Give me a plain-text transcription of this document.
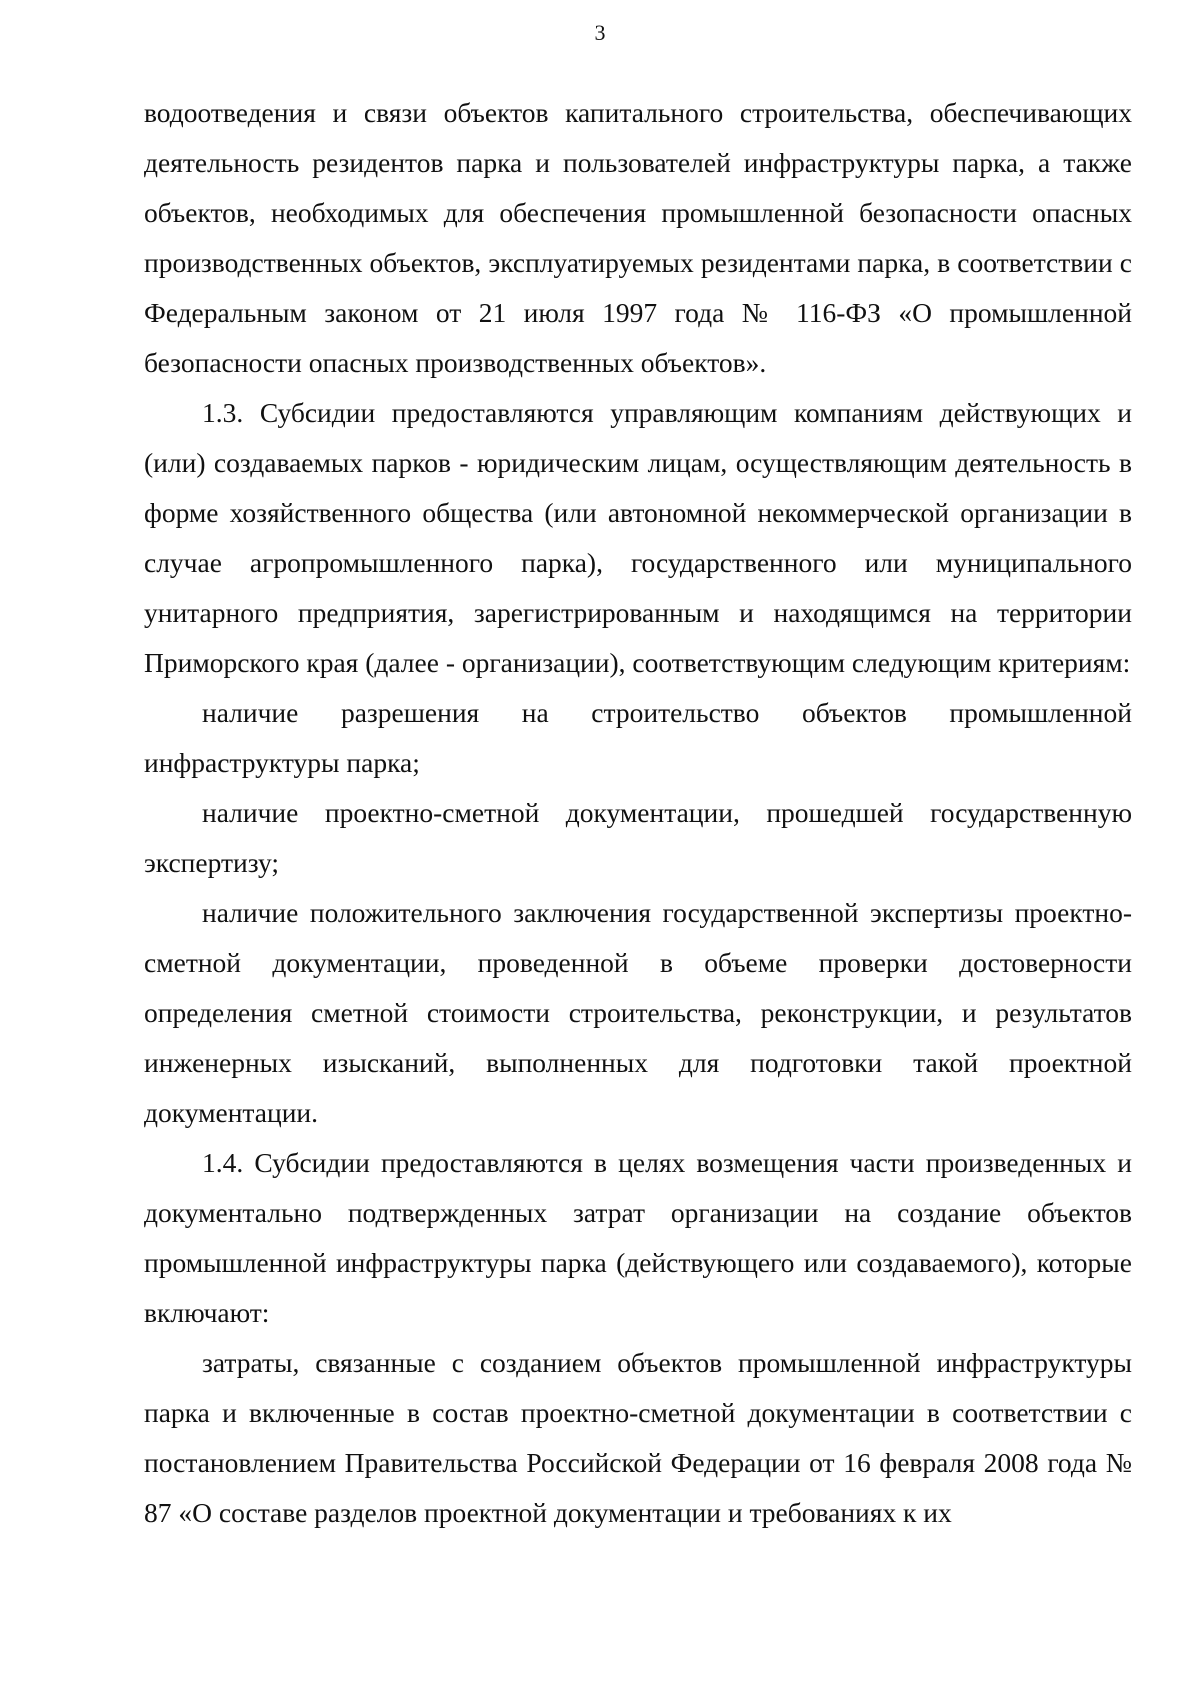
3

водоотведения и связи объектов капитального строительства, обеспечивающих деятельность резидентов парка и пользователей инфраструктуры парка, а также объектов, необходимых для обеспечения промышленной безопасности опасных производственных объектов, эксплуатируемых резидентами парка, в соответствии с Федеральным законом от 21 июля 1997 года № 116-ФЗ «О промышленной безопасности опасных производственных объектов».

1.3. Субсидии предоставляются управляющим компаниям действующих и (или) создаваемых парков - юридическим лицам, осуществляющим деятельность в форме хозяйственного общества (или автономной некоммерческой организации в случае агропромышленного парка), государственного или муниципального унитарного предприятия, зарегистрированным и находящимся на территории Приморского края (далее - организации), соответствующим следующим критериям:

наличие разрешения на строительство объектов промышленной инфраструктуры парка;

наличие проектно-сметной документации, прошедшей государственную экспертизу;

наличие положительного заключения государственной экспертизы проектно-сметной документации, проведенной в объеме проверки достоверности определения сметной стоимости строительства, реконструкции, и результатов инженерных изысканий, выполненных для подготовки такой проектной документации.

1.4. Субсидии предоставляются в целях возмещения части произведенных и документально подтвержденных затрат организации на создание объектов промышленной инфраструктуры парка (действующего или создаваемого), которые включают:

затраты, связанные с созданием объектов промышленной инфраструктуры парка и включенные в состав проектно-сметной документации в соответствии с постановлением Правительства Российской Федерации от 16 февраля 2008 года № 87 «О составе разделов проектной документации и требованиях к их
